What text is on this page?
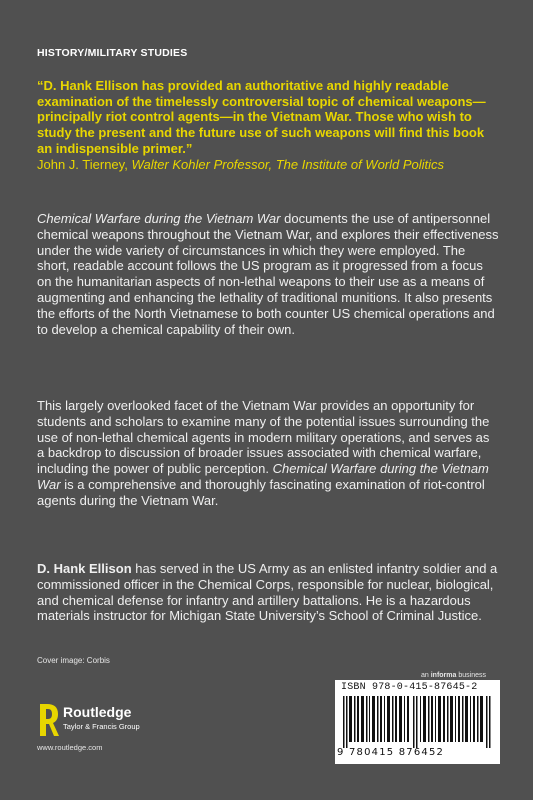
HISTORY/MILITARY STUDIES
“D. Hank Ellison has provided an authoritative and highly readable examination of the timelessly controversial topic of chemical weapons—principally riot control agents—in the Vietnam War. Those who wish to study the present and the future use of such weapons will find this book an indispensible primer.”
John J. Tierney, Walter Kohler Professor, The Institute of World Politics
Chemical Warfare during the Vietnam War documents the use of antipersonnel chemical weapons throughout the Vietnam War, and explores their effectiveness under the wide variety of circumstances in which they were employed. The short, readable account follows the US program as it progressed from a focus on the humanitarian aspects of non-lethal weapons to their use as a means of augmenting and enhancing the lethality of traditional munitions. It also presents the efforts of the North Vietnamese to both counter US chemical operations and to develop a chemical capability of their own.
This largely overlooked facet of the Vietnam War provides an opportunity for students and scholars to examine many of the potential issues surrounding the use of non-lethal chemical agents in modern military operations, and serves as a backdrop to discussion of broader issues associated with chemical warfare, including the power of public perception. Chemical Warfare during the Vietnam War is a comprehensive and thoroughly fascinating examination of riot-control agents during the Vietnam War.
D. Hank Ellison has served in the US Army as an enlisted infantry soldier and a commissioned officer in the Chemical Corps, responsible for nuclear, biological, and chemical defense for infantry and artillery battalions. He is a hazardous materials instructor for Michigan State University’s School of Criminal Justice.
Cover image: Corbis
an informa business
Routledge
Taylor & Francis Group
www.routledge.com
ISBN 978-0-415-87645-2
9 780415 876452
